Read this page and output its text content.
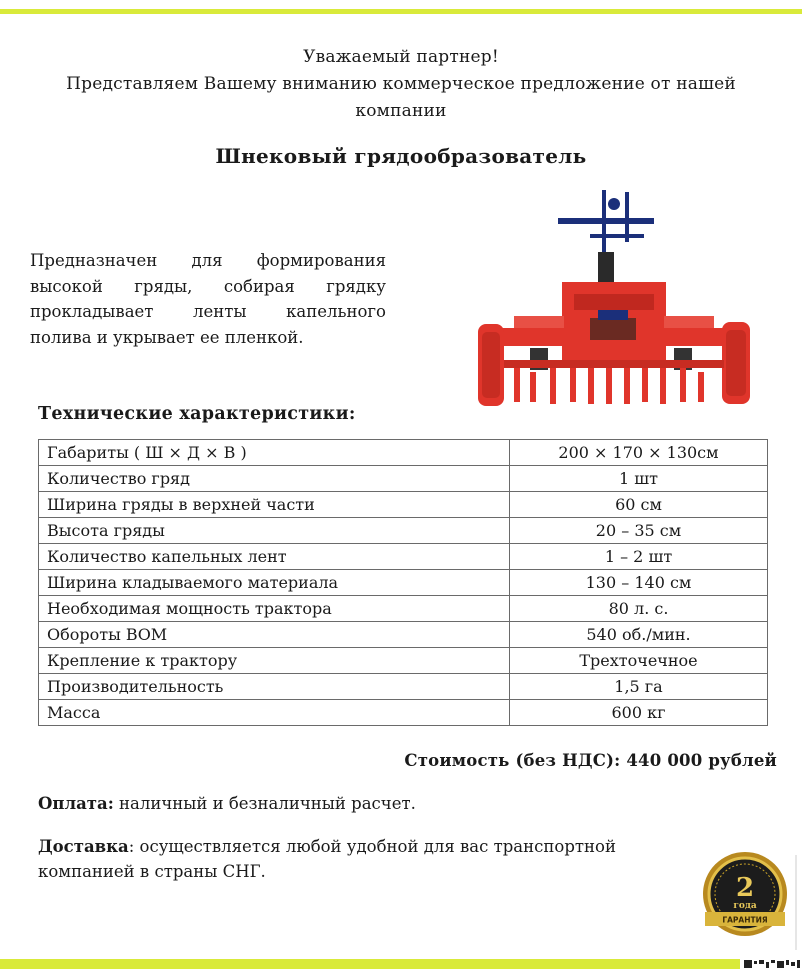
Уважаемый партнер!
Представляем Вашему вниманию коммерческое предложение от нашей
компании
Шнековый грядообразователь
Предназначен для формирования
высокой гряды, собирая грядку
прокладывает ленты капельного
полива и укрывает ее пленкой.
Технические характеристики:
Габариты ( Ш × Д × В )	200 × 170 × 130см
Количество гряд	1 шт
Ширина гряды в верхней части	60 см
Высота гряды	20 – 35 см
Количество капельных лент	1 – 2 шт
Ширина кладываемого материала	130 – 140 см
Необходимая мощность трактора	80 л. с.
Обороты ВОМ	540 об./мин.
Крепление к трактору	Трехточечное
Производительность	1,5 га
Масса	600 кг
Стоимость (без НДС): 440 000 рублей
Оплата: наличный и безналичный расчет.
Доставка: осуществляется любой удобной для вас транспортной
компанией в страны СНГ.
2
года
ГАРАНТИЯ
